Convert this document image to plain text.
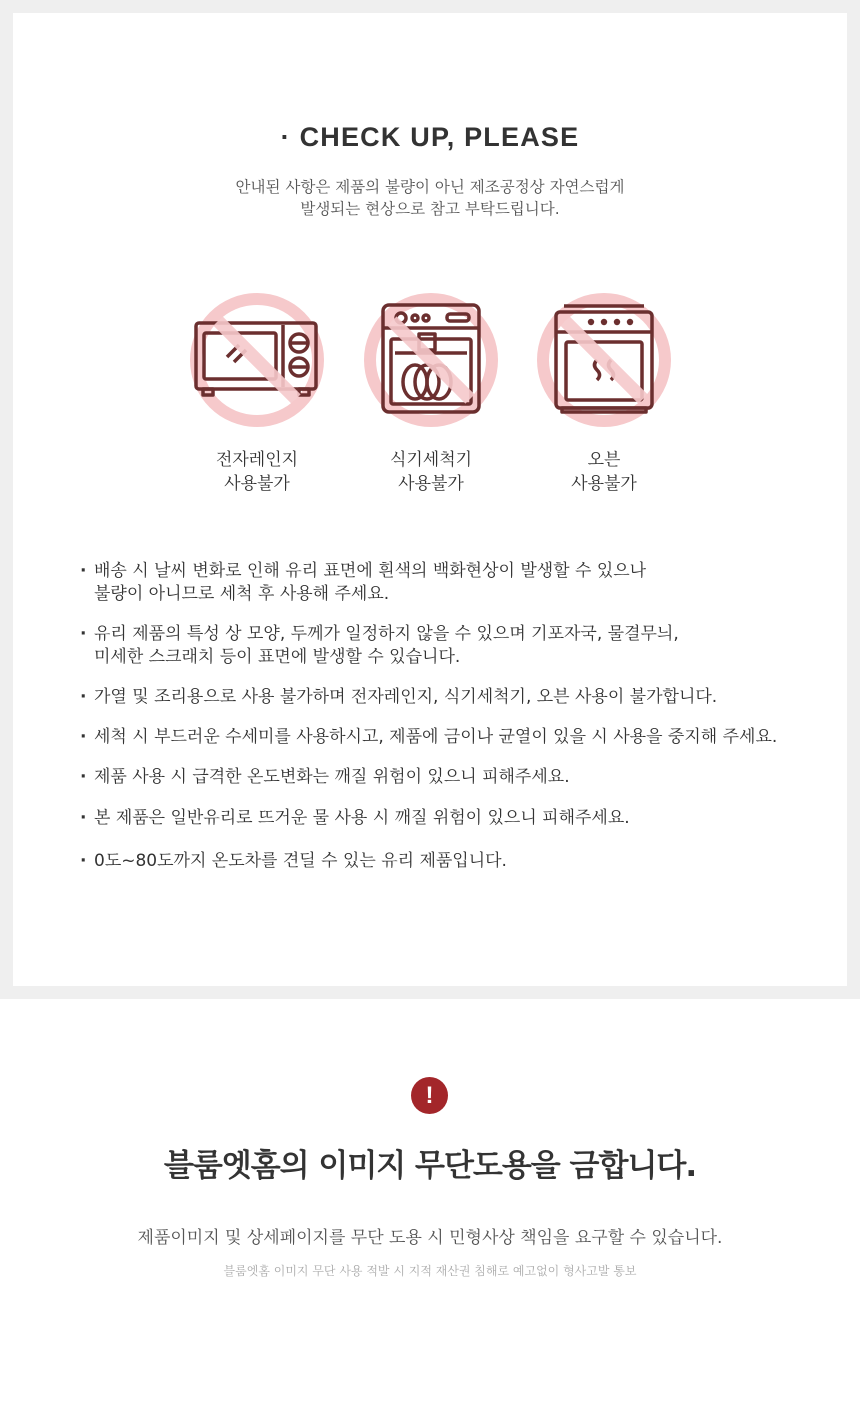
· CHECK UP, PLEASE
안내된 사항은 제품의 불량이 아닌 제조공정상 자연스럽게
발생되는 현상으로 참고 부탁드립니다.
전자레인지
사용불가
식기세척기
사용불가
오븐
사용불가
· 배송 시 날씨 변화로 인해 유리 표면에 흰색의 백화현상이 발생할 수 있으나
불량이 아니므로 세척 후 사용해 주세요.
· 유리 제품의 특성 상 모양, 두께가 일정하지 않을 수 있으며 기포자국, 물결무늬,
미세한 스크래치 등이 표면에 발생할 수 있습니다.
· 가열 및 조리용으로 사용 불가하며 전자레인지, 식기세척기, 오븐 사용이 불가합니다.
· 세척 시 부드러운 수세미를 사용하시고, 제품에 금이나 균열이 있을 시 사용을 중지해 주세요.
· 제품 사용 시 급격한 온도변화는 깨질 위험이 있으니 피해주세요.
· 본 제품은 일반유리로 뜨거운 물 사용 시 깨질 위험이 있으니 피해주세요.
· 0도~80도까지 온도차를 견딜 수 있는 유리 제품입니다.
!
블룸엣홈의 이미지 무단도용을 금합니다.
제품이미지 및 상세페이지를 무단 도용 시 민형사상 책임을 요구할 수 있습니다.
블룸엣홈 이미지 무단 사용 적발 시 지적 재산권 침해로 예고없이 형사고발 통보
